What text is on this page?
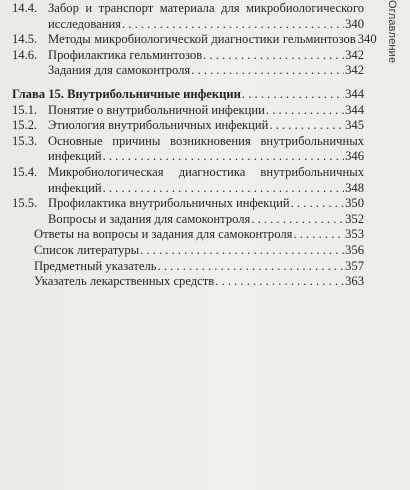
Оглавление
14.4. Забор и транспорт материала для микробиологического
исследования . . .	340
14.5. Методы микробиологической диагностики гельминтозов 340
14.6. Профилактика гельминтозов . . .	342
Задания для самоконтроля . . .	342
Глава 15. Внутрибольничные инфекции . . .	344
15.1. Понятие о внутрибольничной инфекции . . .	344
15.2. Этиология внутрибольничных инфекций . . .	345
15.3. Основные причины возникновения внутрибольничных
инфекций . . .	346
15.4. Микробиологическая диагностика внутрибольничных
инфекций . . .	348
15.5. Профилактика внутрибольничных инфекций . . .	350
Вопросы и задания для самоконтроля . . .	352
Ответы на вопросы и задания для самоконтроля . . .	353
Список литературы . . .	356
Предметный указатель . . .	357
Указатель лекарственных средств . . .	363
